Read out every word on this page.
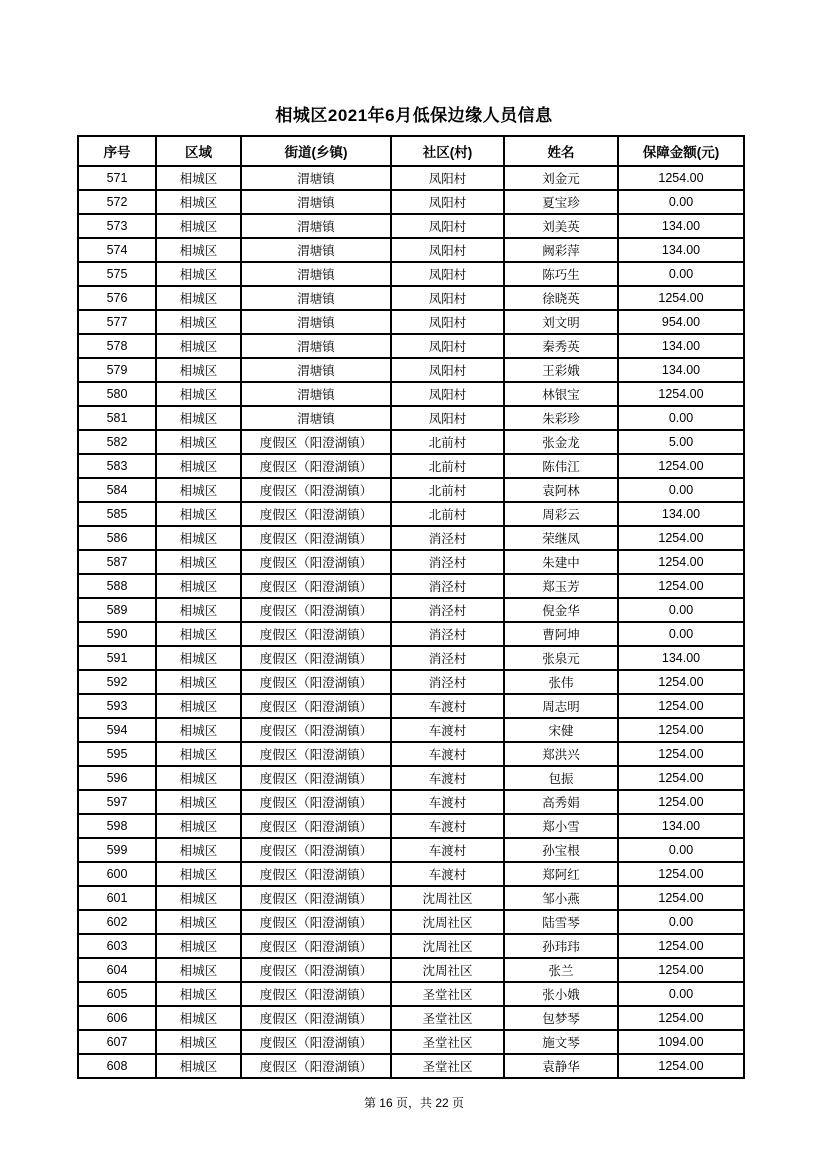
相城区2021年6月低保边缘人员信息
序号	区域	街道(乡镇)	社区(村)	姓名	保障金额(元)
571	相城区	渭塘镇	凤阳村	刘金元	1254.00
572	相城区	渭塘镇	凤阳村	夏宝珍	0.00
573	相城区	渭塘镇	凤阳村	刘美英	134.00
574	相城区	渭塘镇	凤阳村	阙彩萍	134.00
575	相城区	渭塘镇	凤阳村	陈巧生	0.00
576	相城区	渭塘镇	凤阳村	徐晓英	1254.00
577	相城区	渭塘镇	凤阳村	刘文明	954.00
578	相城区	渭塘镇	凤阳村	秦秀英	134.00
579	相城区	渭塘镇	凤阳村	王彩娥	134.00
580	相城区	渭塘镇	凤阳村	林银宝	1254.00
581	相城区	渭塘镇	凤阳村	朱彩珍	0.00
582	相城区	度假区（阳澄湖镇）	北前村	张金龙	5.00
583	相城区	度假区（阳澄湖镇）	北前村	陈伟江	1254.00
584	相城区	度假区（阳澄湖镇）	北前村	袁阿林	0.00
585	相城区	度假区（阳澄湖镇）	北前村	周彩云	134.00
586	相城区	度假区（阳澄湖镇）	消泾村	荣继凤	1254.00
587	相城区	度假区（阳澄湖镇）	消泾村	朱建中	1254.00
588	相城区	度假区（阳澄湖镇）	消泾村	郑玉芳	1254.00
589	相城区	度假区（阳澄湖镇）	消泾村	倪金华	0.00
590	相城区	度假区（阳澄湖镇）	消泾村	曹阿坤	0.00
591	相城区	度假区（阳澄湖镇）	消泾村	张泉元	134.00
592	相城区	度假区（阳澄湖镇）	消泾村	张伟	1254.00
593	相城区	度假区（阳澄湖镇）	车渡村	周志明	1254.00
594	相城区	度假区（阳澄湖镇）	车渡村	宋健	1254.00
595	相城区	度假区（阳澄湖镇）	车渡村	郑洪兴	1254.00
596	相城区	度假区（阳澄湖镇）	车渡村	包振	1254.00
597	相城区	度假区（阳澄湖镇）	车渡村	高秀娟	1254.00
598	相城区	度假区（阳澄湖镇）	车渡村	郑小雪	134.00
599	相城区	度假区（阳澄湖镇）	车渡村	孙宝根	0.00
600	相城区	度假区（阳澄湖镇）	车渡村	郑阿红	1254.00
601	相城区	度假区（阳澄湖镇）	沈周社区	邹小燕	1254.00
602	相城区	度假区（阳澄湖镇）	沈周社区	陆雪琴	0.00
603	相城区	度假区（阳澄湖镇）	沈周社区	孙玮玮	1254.00
604	相城区	度假区（阳澄湖镇）	沈周社区	张兰	1254.00
605	相城区	度假区（阳澄湖镇）	圣堂社区	张小娥	0.00
606	相城区	度假区（阳澄湖镇）	圣堂社区	包梦琴	1254.00
607	相城区	度假区（阳澄湖镇）	圣堂社区	施文琴	1094.00
608	相城区	度假区（阳澄湖镇）	圣堂社区	袁静华	1254.00
第 16 页，共 22 页
